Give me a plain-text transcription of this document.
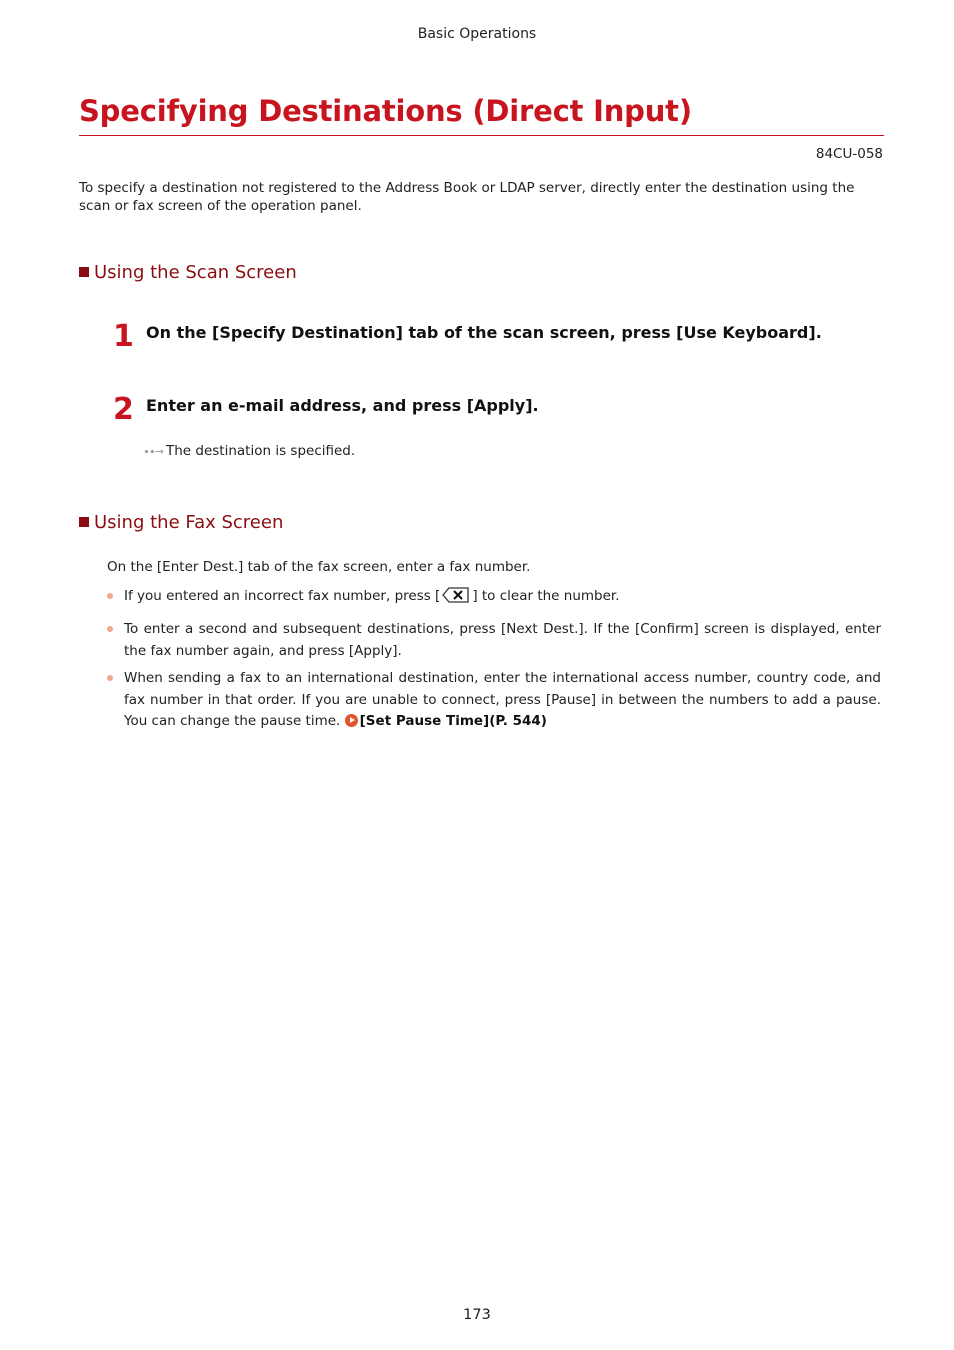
Basic Operations
Specifying Destinations (Direct Input)
84CU-058
To specify a destination not registered to the Address Book or LDAP server, directly enter the destination using the scan or fax screen of the operation panel.
Using the Scan Screen
1 On the [Specify Destination] tab of the scan screen, press [Use Keyboard].
2 Enter an e-mail address, and press [Apply].
∙∙→ The destination is specified.
Using the Fax Screen
On the [Enter Dest.] tab of the fax screen, enter a fax number.
If you entered an incorrect fax number, press [ ] to clear the number.
To enter a second and subsequent destinations, press [Next Dest.]. If the [Confirm] screen is displayed, enter the fax number again, and press [Apply].
When sending a fax to an international destination, enter the international access number, country code, and fax number in that order. If you are unable to connect, press [Pause] in between the numbers to add a pause. You can change the pause time. [Set Pause Time](P. 544)
173
